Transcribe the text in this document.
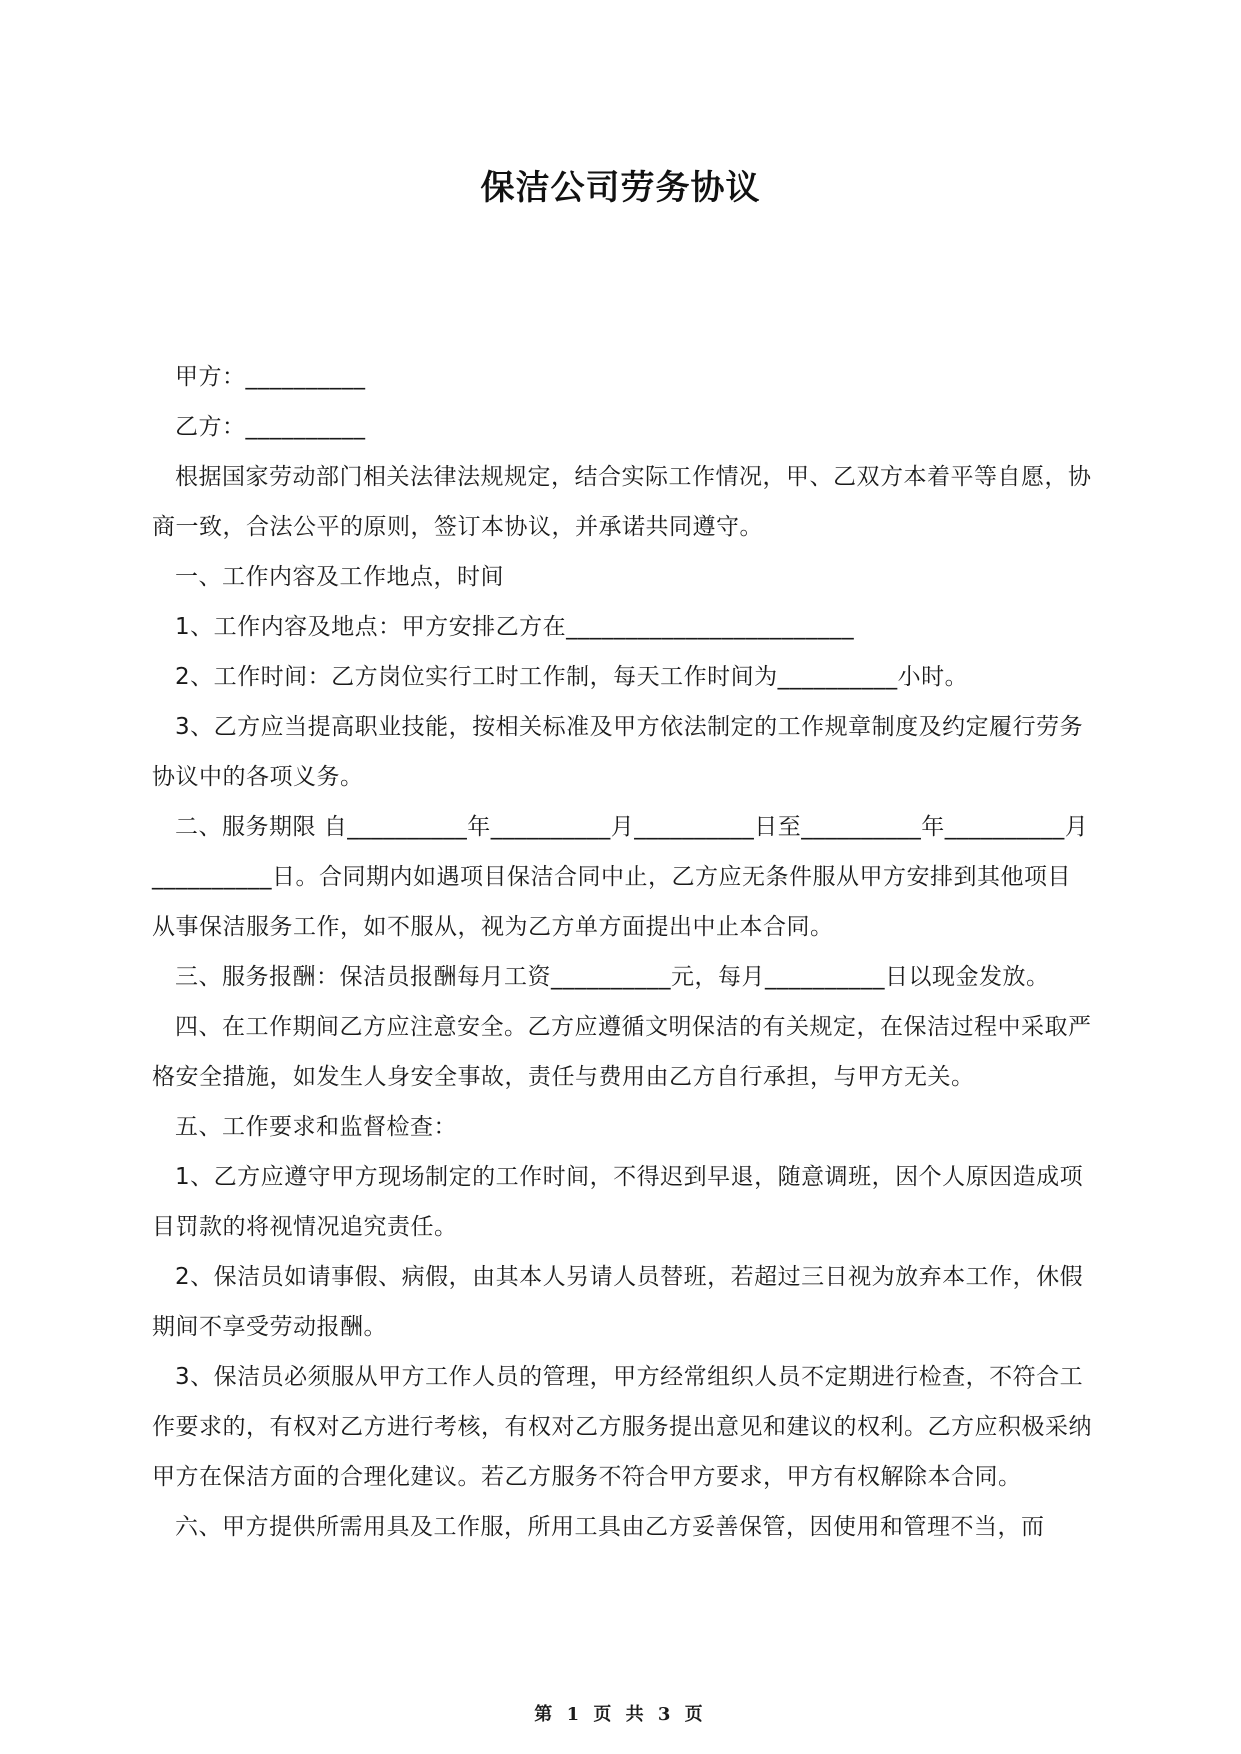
保洁公司劳务协议

甲方：__________

乙方：__________

根据国家劳动部门相关法律法规规定，结合实际工作情况，甲、乙双方本着平等自愿，协商一致，合法公平的原则，签订本协议，并承诺共同遵守。

一、工作内容及工作地点，时间

1、工作内容及地点：甲方安排乙方在________________________

2、工作时间：乙方岗位实行工时工作制，每天工作时间为__________小时。

3、乙方应当提高职业技能，按相关标准及甲方依法制定的工作规章制度及约定履行劳务协议中的各项义务。

二、服务期限 自__________年__________月__________日至__________年__________月__________日。合同期内如遇项目保洁合同中止，乙方应无条件服从甲方安排到其他项目从事保洁服务工作，如不服从，视为乙方单方面提出中止本合同。

三、服务报酬：保洁员报酬每月工资__________元，每月__________日以现金发放。

四、在工作期间乙方应注意安全。乙方应遵循文明保洁的有关规定，在保洁过程中采取严格安全措施，如发生人身安全事故，责任与费用由乙方自行承担，与甲方无关。

五、工作要求和监督检查：

1、乙方应遵守甲方现场制定的工作时间，不得迟到早退，随意调班，因个人原因造成项目罚款的将视情况追究责任。

2、保洁员如请事假、病假，由其本人另请人员替班，若超过三日视为放弃本工作，休假期间不享受劳动报酬。

3、保洁员必须服从甲方工作人员的管理，甲方经常组织人员不定期进行检查，不符合工作要求的，有权对乙方进行考核，有权对乙方服务提出意见和建议的权利。乙方应积极采纳甲方在保洁方面的合理化建议。若乙方服务不符合甲方要求，甲方有权解除本合同。

六、甲方提供所需用具及工作服，所用工具由乙方妥善保管，因使用和管理不当，而

第 1 页 共 3 页
